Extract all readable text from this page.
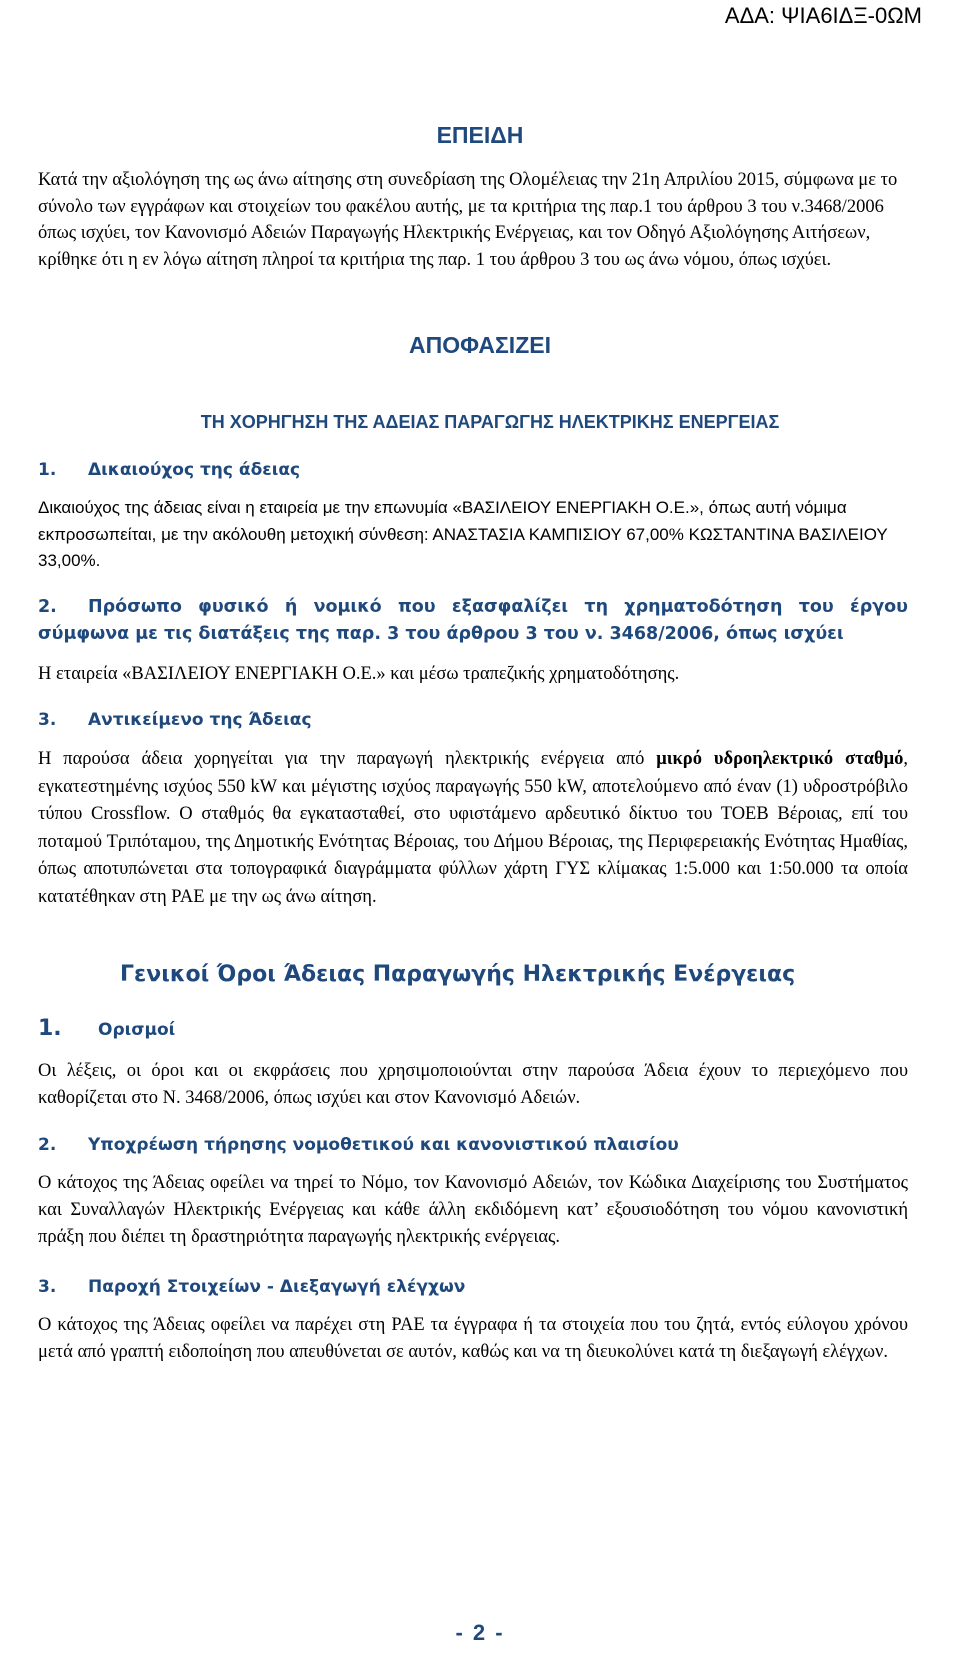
ΑΔΑ: ΨΙΑ6ΙΔΞ-0ΩΜ
ΕΠΕΙΔΗ
Κατά την αξιολόγηση της ως άνω αίτησης στη συνεδρίαση της Ολομέλειας την 21η Απριλίου 2015, σύμφωνα με το σύνολο των εγγράφων και στοιχείων του φακέλου αυτής, με τα κριτήρια της παρ.1 του άρθρου 3 του ν.3468/2006 όπως ισχύει, τον Κανονισμό Αδειών Παραγωγής Ηλεκτρικής Ενέργειας, και τον Οδηγό Αξιολόγησης Αιτήσεων, κρίθηκε ότι η εν λόγω αίτηση πληροί τα κριτήρια της παρ. 1 του άρθρου 3 του ως άνω νόμου, όπως ισχύει.
ΑΠΟΦΑΣΙΖΕΙ
ΤΗ ΧΟΡΗΓΗΣΗ ΤΗΣ ΑΔΕΙΑΣ ΠΑΡΑΓΩΓΗΣ ΗΛΕΚΤΡΙΚΗΣ ΕΝΕΡΓΕΙΑΣ
1. Δικαιούχος της άδειας
Δικαιούχος της άδειας είναι η εταιρεία με την επωνυμία «ΒΑΣΙΛΕΙΟΥ ΕΝΕΡΓΙΑΚΗ Ο.Ε.», όπως αυτή νόμιμα εκπροσωπείται, με την ακόλουθη μετοχική σύνθεση: ΑΝΑΣΤΑΣΙΑ ΚΑΜΠΙΣΙΟΥ 67,00% ΚΩΣΤΑΝΤΙΝΑ ΒΑΣΙΛΕΙΟΥ 33,00%.
2. Πρόσωπο φυσικό ή νομικό που εξασφαλίζει τη χρηματοδότηση του έργου σύμφωνα με τις διατάξεις της παρ. 3 του άρθρου 3 του ν. 3468/2006, όπως ισχύει
Η εταιρεία «ΒΑΣΙΛΕΙΟΥ ΕΝΕΡΓΙΑΚΗ Ο.Ε.» και μέσω τραπεζικής χρηματοδότησης.
3. Αντικείμενο της Άδειας
Η παρούσα άδεια χορηγείται για την παραγωγή ηλεκτρικής ενέργεια από μικρό υδροηλεκτρικό σταθμό, εγκατεστημένης ισχύος 550 kW και μέγιστης ισχύος παραγωγής 550 kW, αποτελούμενο από έναν (1) υδροστρόβιλο τύπου Crossflow. Ο σταθμός θα εγκατασταθεί, στο υφιστάμενο αρδευτικό δίκτυο του ΤΟΕΒ Βέροιας, επί του ποταμού Τριπόταμου, της Δημοτικής Ενότητας Βέροιας, του Δήμου Βέροιας, της Περιφερειακής Ενότητας Ημαθίας, όπως αποτυπώνεται στα τοπογραφικά διαγράμματα φύλλων χάρτη ΓΥΣ κλίμακας 1:5.000 και 1:50.000 τα οποία κατατέθηκαν στη ΡΑΕ με την ως άνω αίτηση.
Γενικοί Όροι Άδειας Παραγωγής Ηλεκτρικής Ενέργειας
1. Ορισμοί
Οι λέξεις, οι όροι και οι εκφράσεις που χρησιμοποιούνται στην παρούσα Άδεια έχουν το περιεχόμενο που καθορίζεται στο Ν. 3468/2006, όπως ισχύει και στον Κανονισμό Αδειών.
2. Υποχρέωση τήρησης νομοθετικού και κανονιστικού πλαισίου
Ο κάτοχος της Άδειας οφείλει να τηρεί το Νόμο, τον Κανονισμό Αδειών, τον Κώδικα Διαχείρισης του Συστήματος και Συναλλαγών Ηλεκτρικής Ενέργειας και κάθε άλλη εκδιδόμενη κατ’ εξουσιοδότηση του νόμου κανονιστική πράξη που διέπει τη δραστηριότητα παραγωγής ηλεκτρικής ενέργειας.
3. Παροχή Στοιχείων - Διεξαγωγή ελέγχων
Ο κάτοχος της Άδειας οφείλει να παρέχει στη ΡΑΕ τα έγγραφα ή τα στοιχεία που του ζητά, εντός εύλογου χρόνου μετά από γραπτή ειδοποίηση που απευθύνεται σε αυτόν, καθώς και να τη διευκολύνει κατά τη διεξαγωγή ελέγχων.
- 2 -
